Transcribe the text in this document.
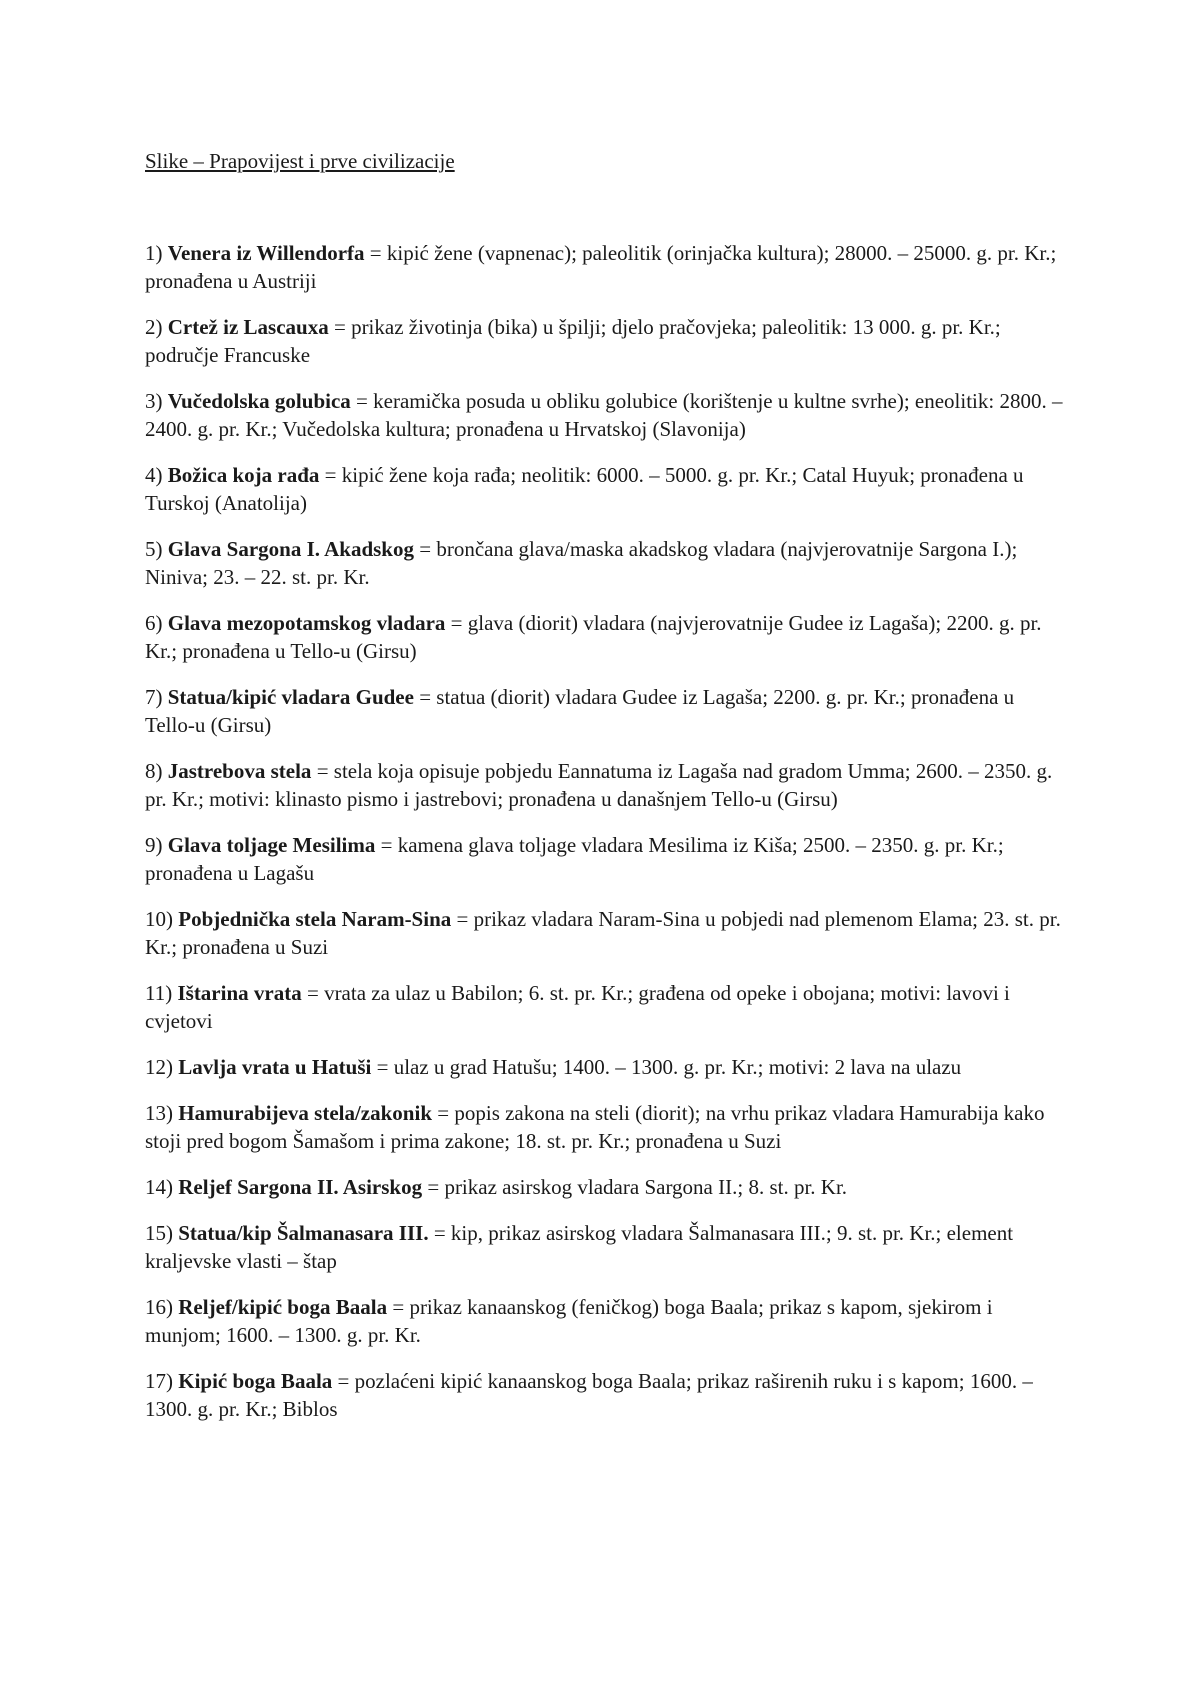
Slike – Prapovijest i prve civilizacije

1) Venera iz Willendorfa = kipić žene (vapnenac); paleolitik (orinjačka kultura); 28000. – 25000. g. pr. Kr.; pronađena u Austriji

2) Crtež iz Lascauxa = prikaz životinja (bika) u špilji; djelo pračovjeka; paleolitik: 13 000. g. pr. Kr.; područje Francuske

3) Vučedolska golubica = keramička posuda u obliku golubice (korištenje u kultne svrhe); eneolitik: 2800. – 2400. g. pr. Kr.; Vučedolska kultura; pronađena u Hrvatskoj (Slavonija)

4) Božica koja rađa = kipić žene koja rađa; neolitik: 6000. – 5000. g. pr. Kr.; Catal Huyuk; pronađena u Turskoj (Anatolija)

5) Glava Sargona I. Akadskog = brončana glava/maska akadskog vladara (najvjerovatnije Sargona I.); Niniva; 23. – 22. st. pr. Kr.

6) Glava mezopotamskog vladara = glava (diorit) vladara (najvjerovatnije Gudee iz Lagaša); 2200. g. pr. Kr.; pronađena u Tello-u (Girsu)

7) Statua/kipić vladara Gudee = statua (diorit) vladara Gudee iz Lagaša; 2200. g. pr. Kr.; pronađena u Tello-u (Girsu)

8) Jastrebova stela = stela koja opisuje pobjedu Eannatuma iz Lagaša nad gradom Umma; 2600. – 2350. g. pr. Kr.; motivi: klinasto pismo i jastrebovi; pronađena u današnjem Tello-u (Girsu)

9) Glava toljage Mesilima = kamena glava toljage vladara Mesilima iz Kiša; 2500. – 2350. g. pr. Kr.; pronađena u Lagašu

10) Pobjednička stela Naram-Sina = prikaz vladara Naram-Sina u pobjedi nad plemenom Elama; 23. st. pr. Kr.; pronađena u Suzi

11) Ištarina vrata = vrata za ulaz u Babilon; 6. st. pr. Kr.; građena od opeke i obojana; motivi: lavovi i cvjetovi

12) Lavlja vrata u Hatuši = ulaz u grad Hatušu; 1400. – 1300. g. pr. Kr.; motivi: 2 lava na ulazu

13) Hamurabijeva stela/zakonik = popis zakona na steli (diorit); na vrhu prikaz vladara Hamurabija kako stoji pred bogom Šamašom i prima zakone; 18. st. pr. Kr.; pronađena u Suzi

14) Reljef Sargona II. Asirskog = prikaz asirskog vladara Sargona II.; 8. st. pr. Kr.

15) Statua/kip Šalmanasara III. = kip, prikaz asirskog vladara Šalmanasara III.; 9. st. pr. Kr.; element kraljevske vlasti – štap

16) Reljef/kipić boga Baala = prikaz kanaanskog (feničkog) boga Baala; prikaz s kapom, sjekirom i munjom; 1600. – 1300. g. pr. Kr.

17) Kipić boga Baala = pozlaćeni kipić kanaanskog boga Baala; prikaz raširenih ruku i s kapom; 1600. – 1300. g. pr. Kr.; Biblos
